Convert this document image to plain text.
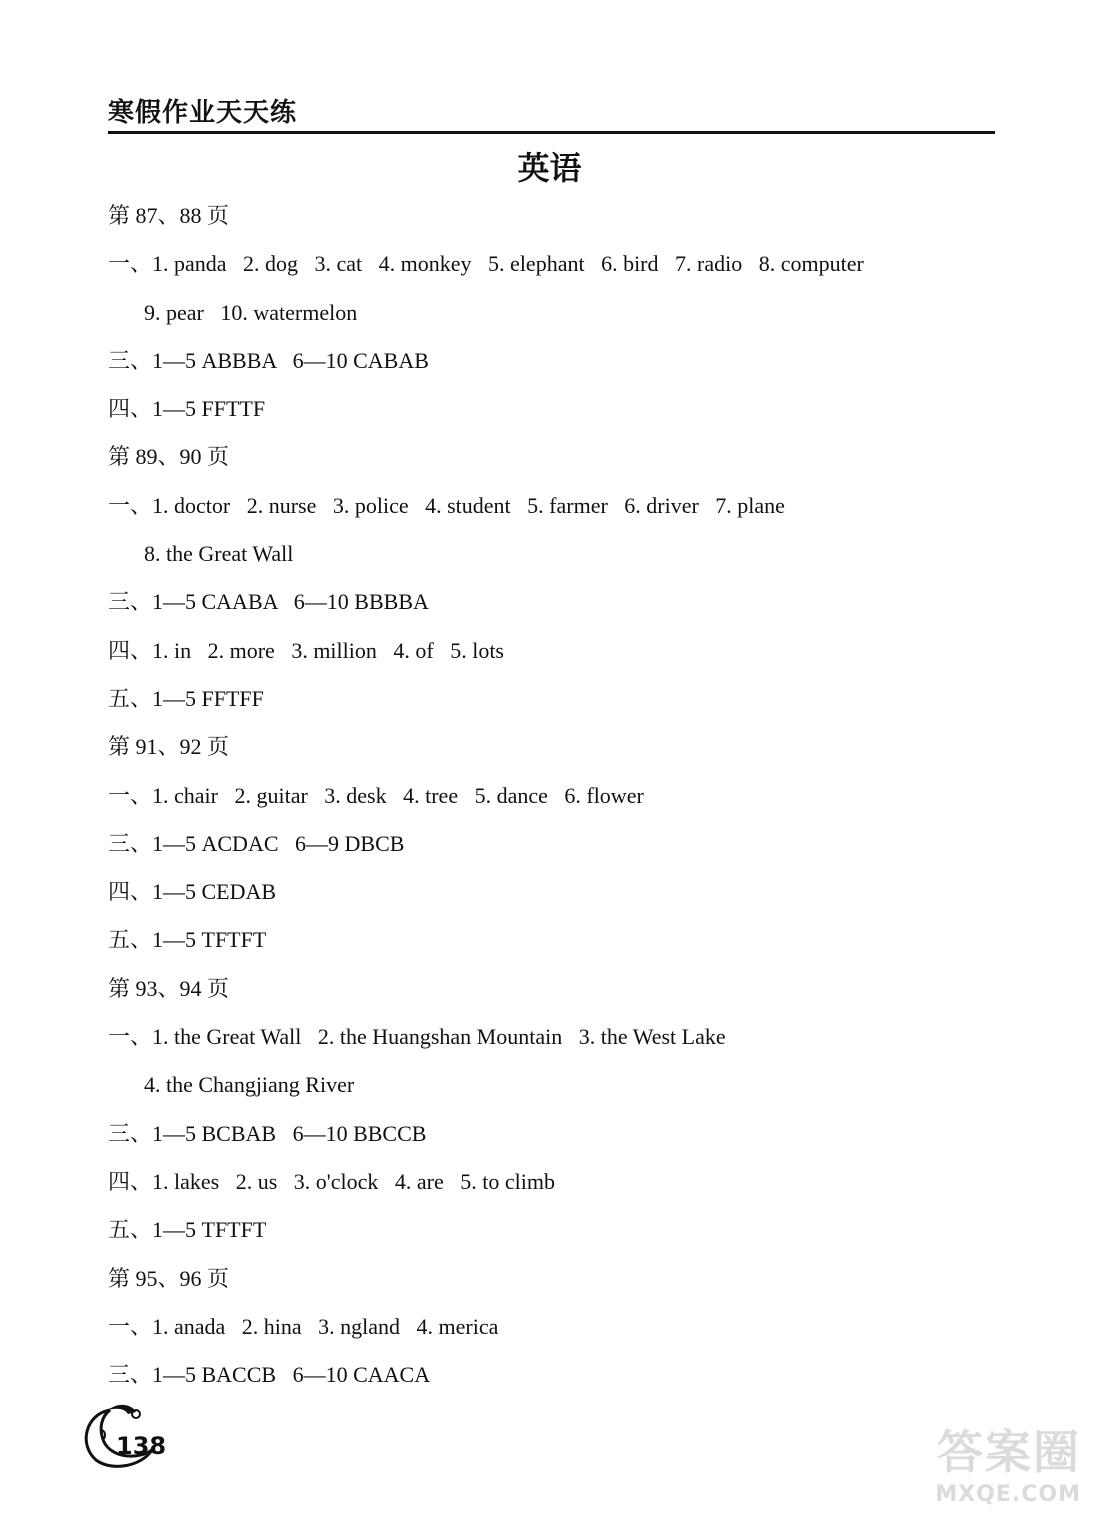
寒假作业天天练
英语
第 87、88 页
一、1. panda   2. dog   3. cat   4. monkey   5. elephant   6. bird   7. radio   8. computer
9. pear   10. watermelon
三、1—5 ABBBA   6—10 CABAB
四、1—5 FFTTF
第 89、90 页
一、1. doctor   2. nurse   3. police   4. student   5. farmer   6. driver   7. plane
8. the Great Wall
三、1—5 CAABA   6—10 BBBBA
四、1. in   2. more   3. million   4. of   5. lots
五、1—5 FFTFF
第 91、92 页
一、1. chair   2. guitar   3. desk   4. tree   5. dance   6. flower
三、1—5 ACDAC   6—9 DBCB
四、1—5 CEDAB
五、1—5 TFTFT
第 93、94 页
一、1. the Great Wall   2. the Huangshan Mountain   3. the West Lake
4. the Changjiang River
三、1—5 BCBAB   6—10 BBCCB
四、1. lakes   2. us   3. o'clock   4. are   5. to climb
五、1—5 TFTFT
第 95、96 页
一、1. anada   2. hina   3. ngland   4. merica
三、1—5 BACCB   6—10 CAACA
138	答案圈
MXQE.COM
